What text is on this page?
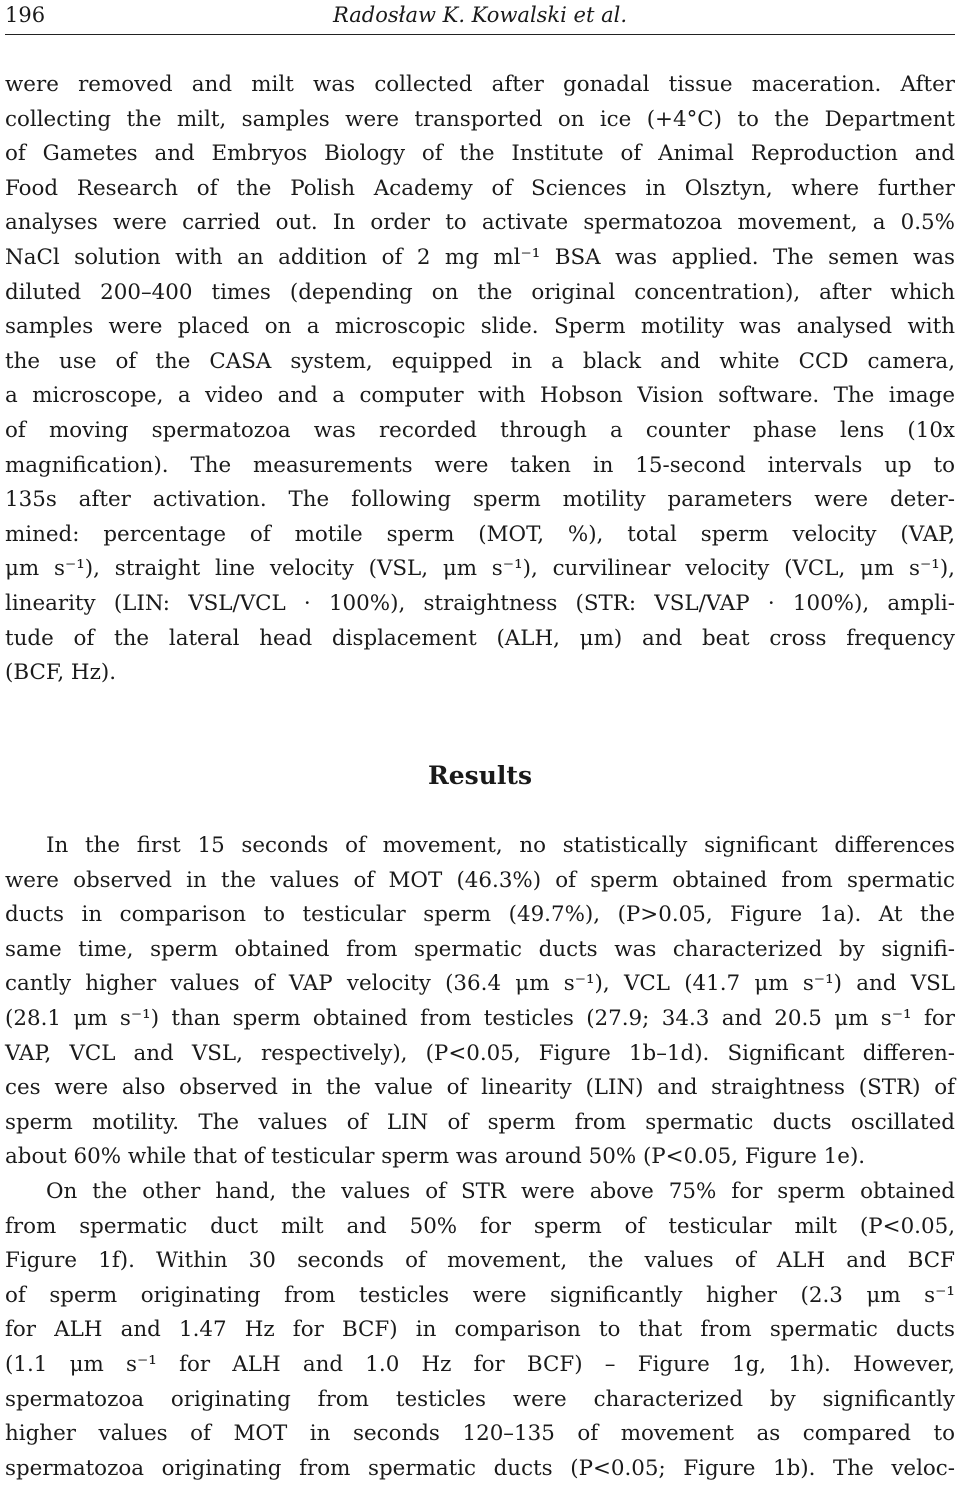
196	Radosław K. Kowalski et al.
were removed and milt was collected after gonadal tissue maceration. After
collecting the milt, samples were transported on ice (+4°C) to the Department
of Gametes and Embryos Biology of the Institute of Animal Reproduction and
Food Research of the Polish Academy of Sciences in Olsztyn, where further
analyses were carried out. In order to activate spermatozoa movement, a 0.5%
NaCl solution with an addition of 2 mg ml⁻¹ BSA was applied. The semen was
diluted 200–400 times (depending on the original concentration), after which
samples were placed on a microscopic slide. Sperm motility was analysed with
the use of the CASA system, equipped in a black and white CCD camera,
a microscope, a video and a computer with Hobson Vision software. The image
of moving spermatozoa was recorded through a counter phase lens (10x
magnification). The measurements were taken in 15-second intervals up to
135s after activation. The following sperm motility parameters were deter-
mined: percentage of motile sperm (MOT, %), total sperm velocity (VAP,
μm s⁻¹), straight line velocity (VSL, μm s⁻¹), curvilinear velocity (VCL, μm s⁻¹),
linearity (LIN: VSL/VCL · 100%), straightness (STR: VSL/VAP · 100%), ampli-
tude of the lateral head displacement (ALH, μm) and beat cross frequency
(BCF, Hz).
Results
In the first 15 seconds of movement, no statistically significant differences
were observed in the values of MOT (46.3%) of sperm obtained from spermatic
ducts in comparison to testicular sperm (49.7%), (P>0.05, Figure 1a). At the
same time, sperm obtained from spermatic ducts was characterized by signifi-
cantly higher values of VAP velocity (36.4 μm s⁻¹), VCL (41.7 μm s⁻¹) and VSL
(28.1 μm s⁻¹) than sperm obtained from testicles (27.9; 34.3 and 20.5 μm s⁻¹ for
VAP, VCL and VSL, respectively), (P<0.05, Figure 1b–1d). Significant differen-
ces were also observed in the value of linearity (LIN) and straightness (STR) of
sperm motility. The values of LIN of sperm from spermatic ducts oscillated
about 60% while that of testicular sperm was around 50% (P<0.05, Figure 1e).
On the other hand, the values of STR were above 75% for sperm obtained
from spermatic duct milt and 50% for sperm of testicular milt (P<0.05,
Figure 1f). Within 30 seconds of movement, the values of ALH and BCF
of sperm originating from testicles were significantly higher (2.3 μm s⁻¹
for ALH and 1.47 Hz for BCF) in comparison to that from spermatic ducts
(1.1 μm s⁻¹ for ALH and 1.0 Hz for BCF) – Figure 1g, 1h). However,
spermatozoa originating from testicles were characterized by significantly
higher values of MOT in seconds 120–135 of movement as compared to
spermatozoa originating from spermatic ducts (P<0.05; Figure 1b). The veloc-
